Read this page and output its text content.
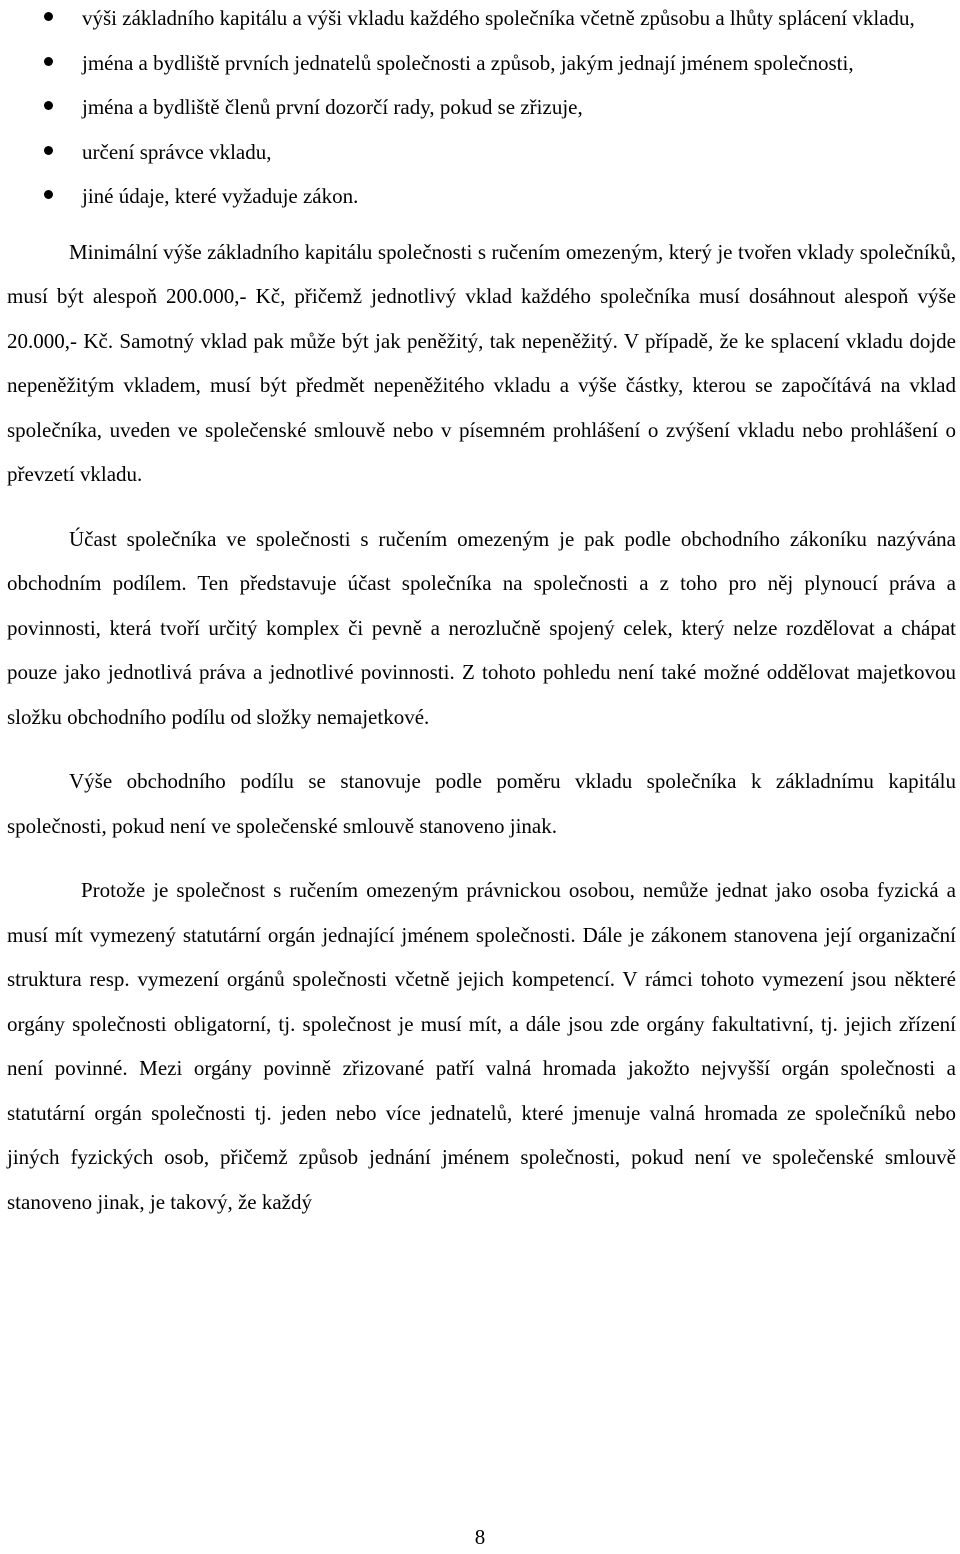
výši základního kapitálu a výši vkladu každého společníka včetně způsobu a lhůty splácení vkladu,
jména a bydliště prvních jednatelů společnosti a způsob, jakým jednají jménem společnosti,
jména a bydliště členů první dozorčí rady, pokud se zřizuje,
určení správce vkladu,
jiné údaje, které vyžaduje zákon.

Minimální výše základního kapitálu společnosti s ručením omezeným, který je tvořen vklady společníků, musí být alespoň 200.000,- Kč, přičemž jednotlivý vklad každého společníka musí dosáhnout alespoň výše 20.000,- Kč. Samotný vklad pak může být jak peněžitý, tak nepeněžitý. V případě, že ke splacení vkladu dojde nepeněžitým vkladem, musí být předmět nepeněžitého vkladu a výše částky, kterou se započítává na vklad společníka, uveden ve společenské smlouvě nebo v písemném prohlášení o zvýšení vkladu nebo prohlášení o převzetí vkladu.

Účast společníka ve společnosti s ručením omezeným je pak podle obchodního zákoníku nazývána obchodním podílem. Ten představuje účast společníka na společnosti a z toho pro něj plynoucí práva a povinnosti, která tvoří určitý komplex či pevně a nerozlučně spojený celek, který nelze rozdělovat a chápat pouze jako jednotlivá práva a jednotlivé povinnosti. Z tohoto pohledu není také možné oddělovat majetkovou složku obchodního podílu od složky nemajetkové.

Výše obchodního podílu se stanovuje podle poměru vkladu společníka k základnímu kapitálu společnosti, pokud není ve společenské smlouvě stanoveno jinak.

Protože je společnost s ručením omezeným právnickou osobou, nemůže jednat jako osoba fyzická a musí mít vymezený statutární orgán jednající jménem společnosti. Dále je zákonem stanovena její organizační struktura resp. vymezení orgánů společnosti včetně jejich kompetencí. V rámci tohoto vymezení jsou některé orgány společnosti obligatorní, tj. společnost je musí mít, a dále jsou zde orgány fakultativní, tj. jejich zřízení není povinné. Mezi orgány povinně zřizované patří valná hromada jakožto nejvyšší orgán společnosti a statutární orgán společnosti tj. jeden nebo více jednatelů, které jmenuje valná hromada ze společníků nebo jiných fyzických osob, přičemž způsob jednání jménem společnosti, pokud není ve společenské smlouvě stanoveno jinak, je takový, že každý

8
